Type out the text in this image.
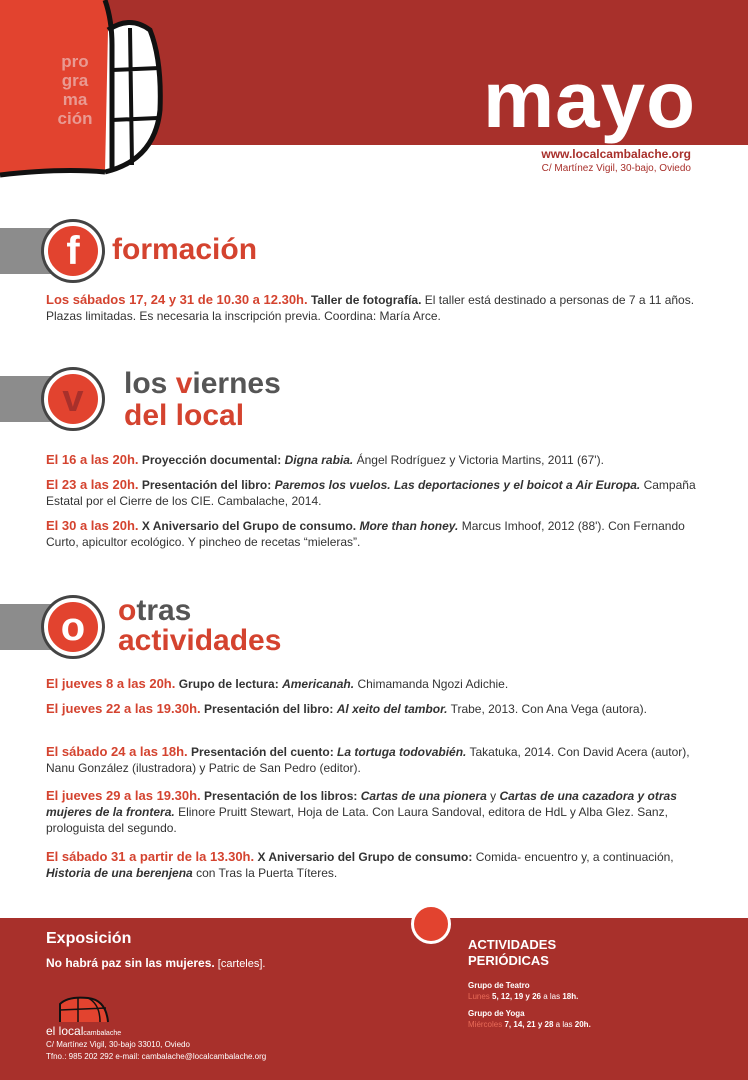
pro
gra
ma
ción	mayo
www.localcambalache.org
C/ Martínez Vigil, 30-bajo, Oviedo
f	formación
Los sábados 17, 24 y 31 de 10.30 a 12.30h. Taller de fotografía. El taller está destinado a personas de 7 a 11 años. Plazas limitadas. Es necesaria la inscripción previa. Coordina: María Arce.
v	los viernes
del local
El 16 a las 20h. Proyección documental: Digna rabia. Ángel Rodríguez y Victoria Martins, 2011 (67').
El 23 a las 20h. Presentación del libro: Paremos los vuelos. Las deportaciones y el boicot a Air Europa. Campaña Estatal por el Cierre de los CIE. Cambalache, 2014.
El 30 a las 20h. X Aniversario del Grupo de consumo. More than honey. Marcus Imhoof, 2012 (88'). Con Fernando Curto, apicultor ecológico. Y pincheo de recetas “mieleras”.
o	otras
actividades
El jueves 8 a las 20h. Grupo de lectura: Americanah. Chimamanda Ngozi Adichie.
El jueves 22 a las 19.30h. Presentación del libro: Al xeito del tambor. Trabe, 2013. Con Ana Vega (autora).
El sábado 24 a las 18h. Presentación del cuento: La tortuga todovabién. Takatuka, 2014. Con David Acera (autor), Nanu González (ilustradora) y Patric de San Pedro (editor).
El jueves 29 a las 19.30h. Presentación de los libros: Cartas de una pionera y Cartas de una cazadora y otras mujeres de la frontera. Elinore Pruitt Stewart, Hoja de Lata. Con Laura Sandoval, editora de HdL y Alba Glez. Sanz, prologuista del segundo.
El sábado 31 a partir de la 13.30h. X Aniversario del Grupo de consumo: Comida- encuentro y, a continuación, Historia de una berenjena con Tras la Puerta Títeres.
Exposición
No habrá paz sin las mujeres. [carteles].
ACTIVIDADES
PERIÓDICAS
Grupo de Teatro
Lunes 5, 12, 19 y 26 a las 18h.
Grupo de Yoga
Miércoles 7, 14, 21 y 28 a las 20h.
el localcambalache
C/ Martínez Vigil, 30-bajo 33010, Oviedo
Tfno.: 985 202 292 e-mail: cambalache@localcambalache.org
